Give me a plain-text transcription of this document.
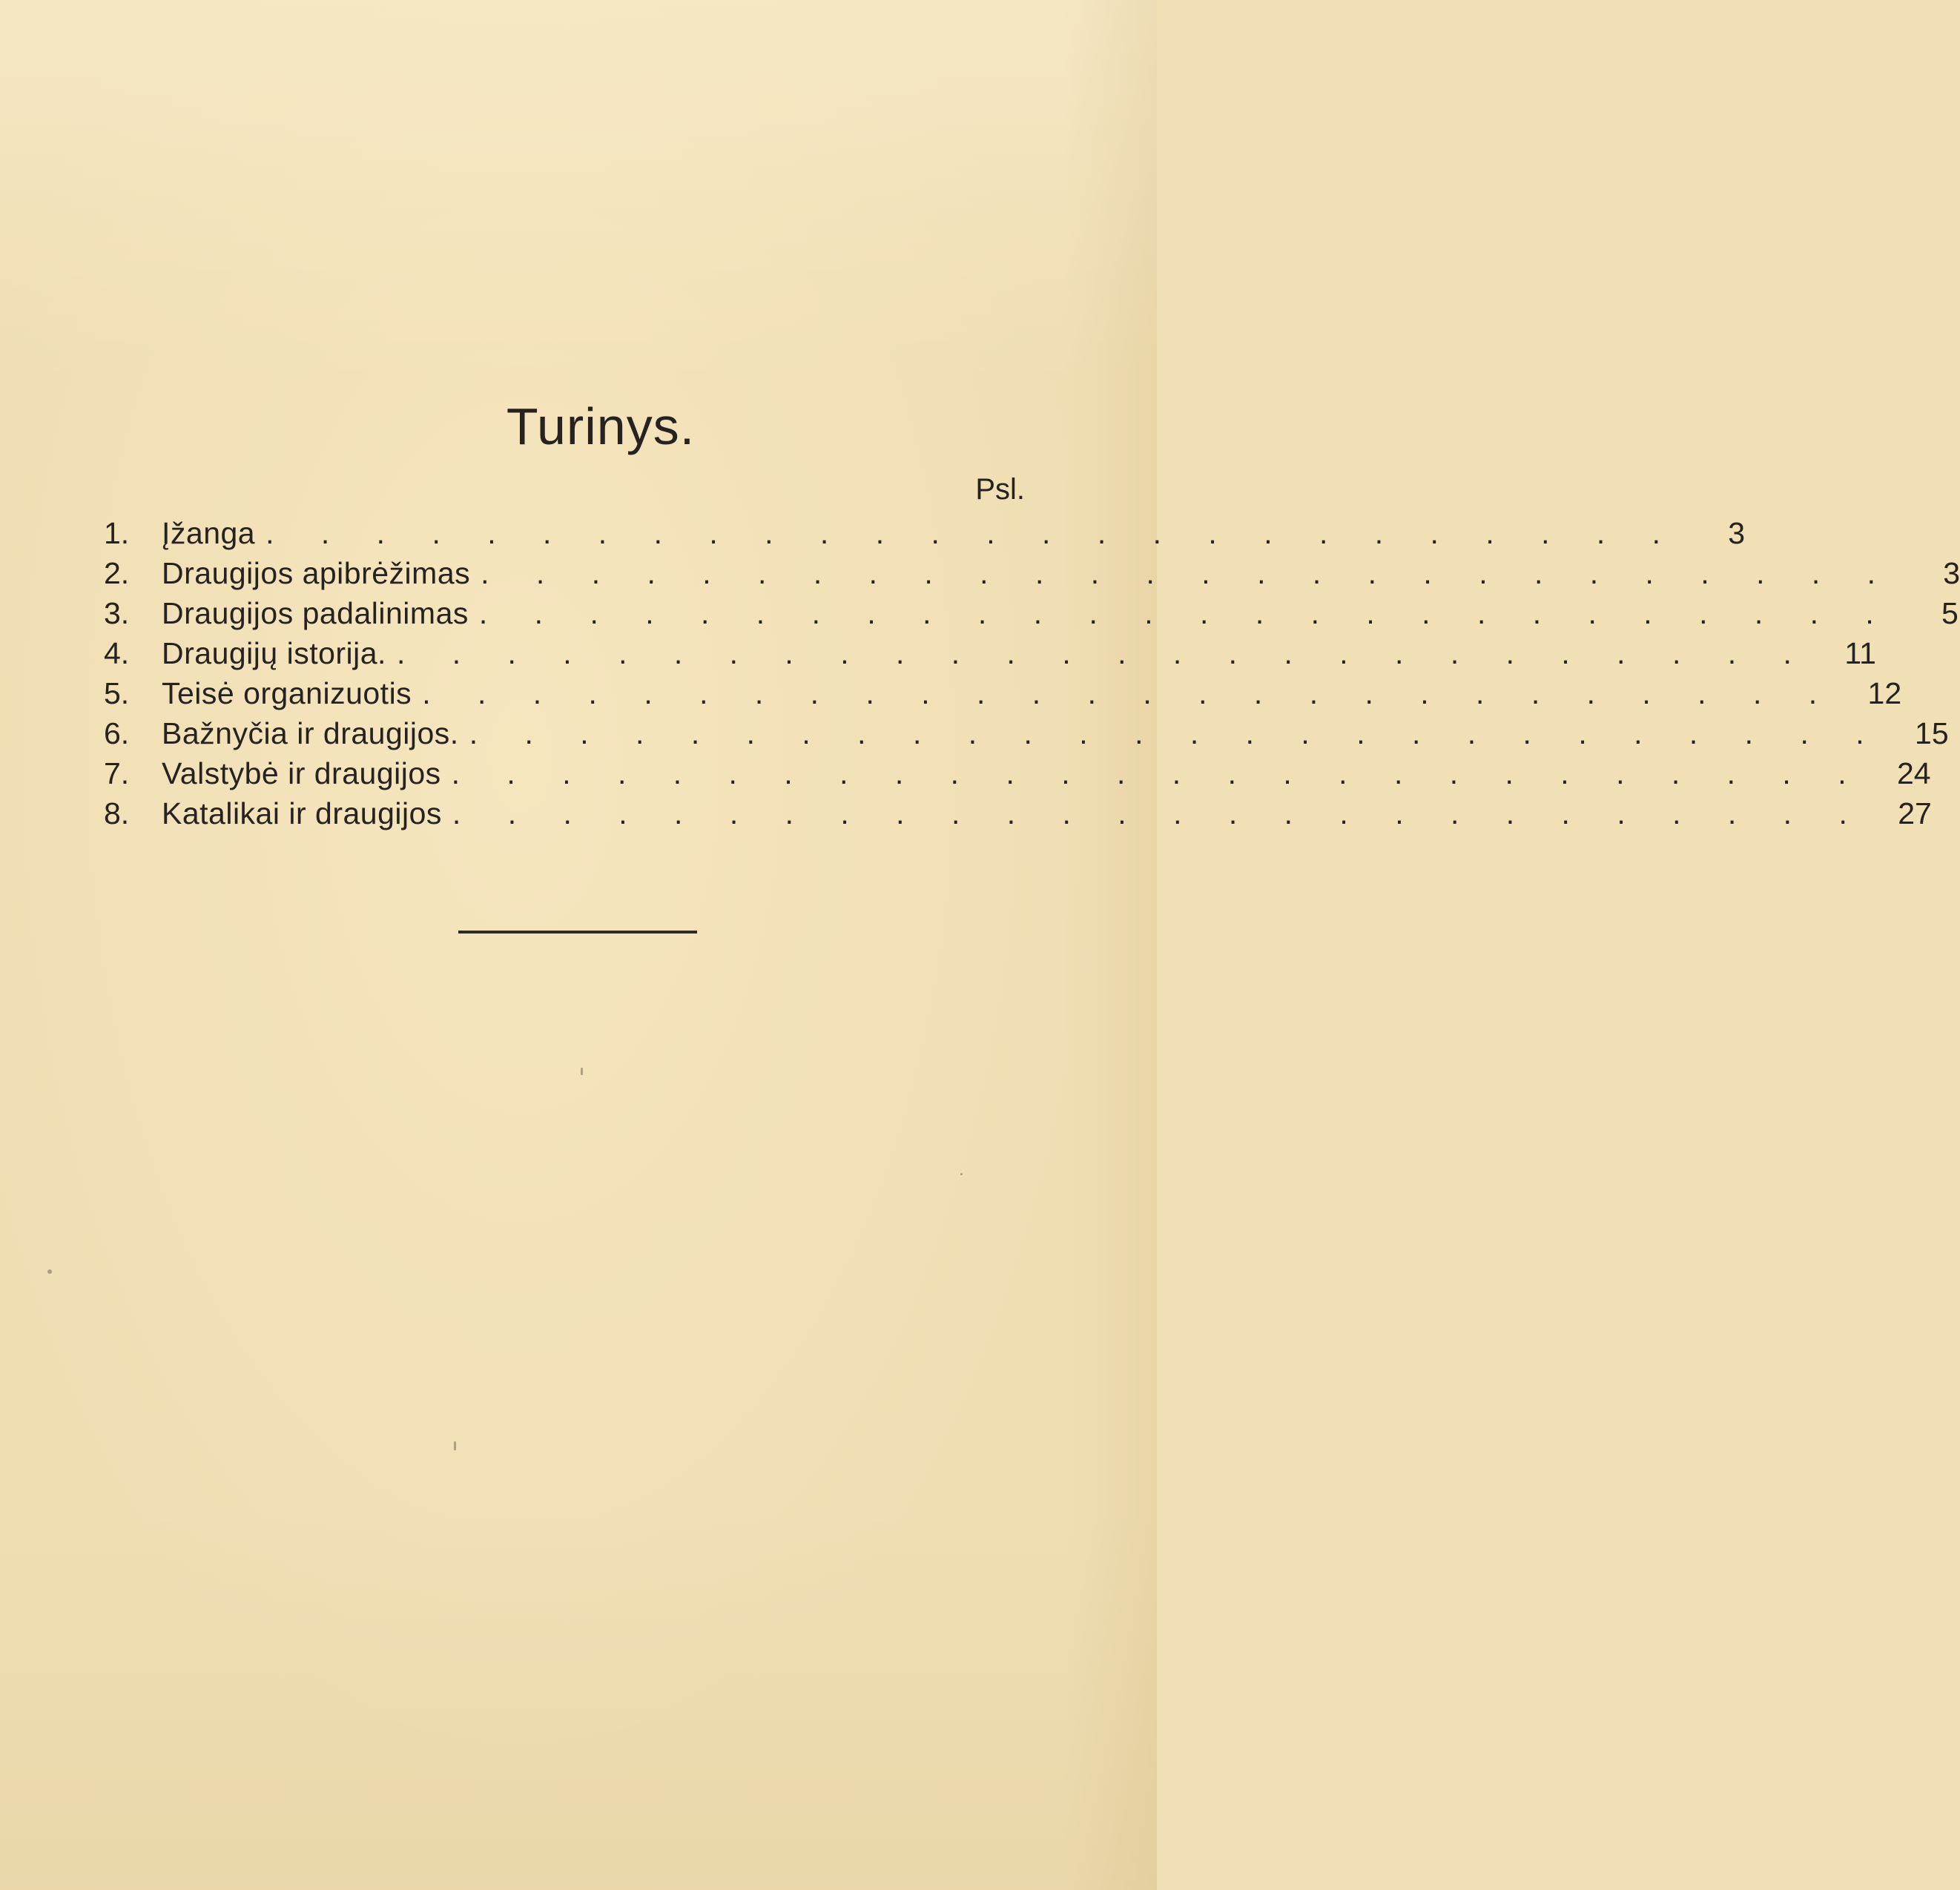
Turinys.
Psl.
1.	Įžanga . . . . . . . . . . . . . . . . . . . . . . . . . .	3
2.	Draugijos apibrėžimas . . . . . . . . . . . . . . . . . . . . . . . . . .	3
3.	Draugijos padalinimas . . . . . . . . . . . . . . . . . . . . . . . . . .	5
4.	Draugijų istorija. . . . . . . . . . . . . . . . . . . . . . . . . . .	11
5.	Teisė organizuotis . . . . . . . . . . . . . . . . . . . . . . . . . .	12
6.	Bažnyčia ir draugijos. . . . . . . . . . . . . . . . . . . . . . . . . . .	15
7.	Valstybė ir draugijos . . . . . . . . . . . . . . . . . . . . . . . . . .	24
8.	Katalikai ir draugijos . . . . . . . . . . . . . . . . . . . . . . . . . .	27
